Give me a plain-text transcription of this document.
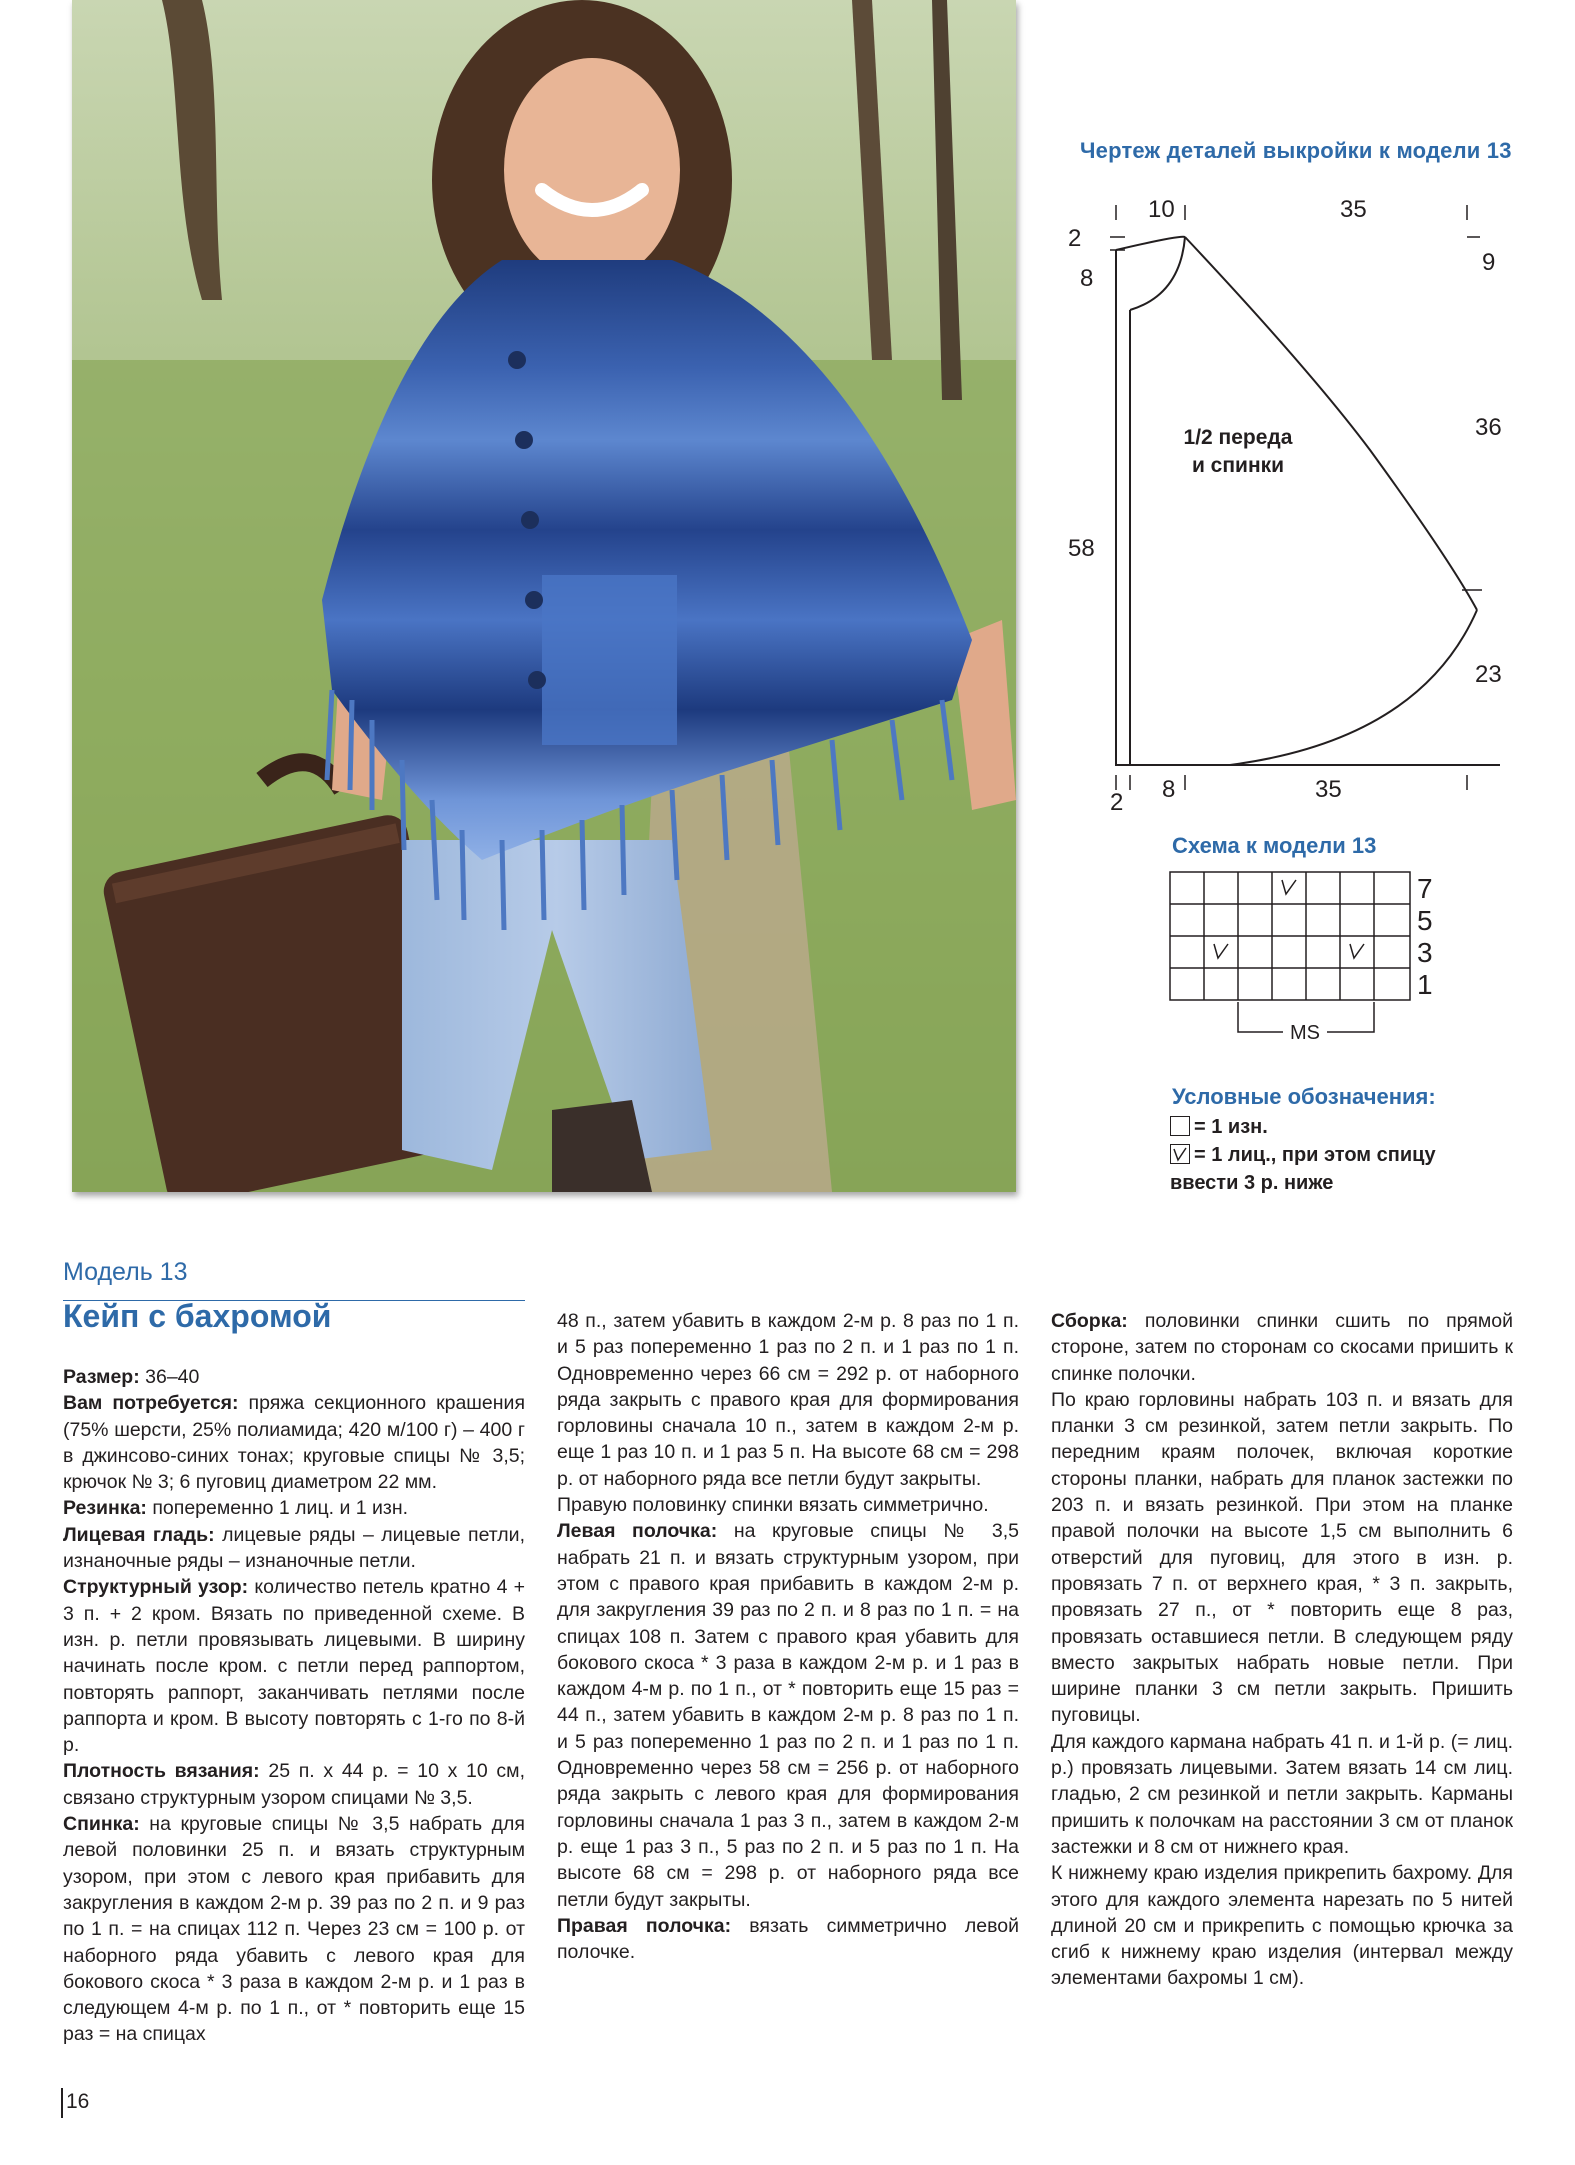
Чертеж деталей выкройки к модели 13
10	35
2
8
58
9
36
23
2 8	35
1/2 переда
и спинки
Схема к модели 13
7
5
3
1
MS
Условные обозначения:
= 1 изн.
= 1 лиц., при этом спицу
ввести 3 р. ниже
Модель 13
Кейп с бахромой

Размер: 36–40

Вам потребуется: пряжа секционного крашения (75% шерсти, 25% полиамида; 420 м/100 г) – 400 г в джинсово-синих тонах; круговые спицы № 3,5; крючок № 3; 6 пуговиц диаметром 22 мм.

Резинка: попеременно 1 лиц. и 1 изн.

Лицевая гладь: лицевые ряды – лицевые петли, изнаночные ряды – изнаночные петли.

Структурный узор: количество петель кратно 4 + 3 п. + 2 кром. Вязать по приведенной схеме. В изн. р. петли провязывать лицевыми. В ширину начинать после кром. с петли перед раппортом, повторять раппорт, заканчивать петлями после раппорта и кром. В высоту повторять с 1-го по 8-й р.

Плотность вязания: 25 п. х 44 р. = 10 х 10 см, связано структурным узором спицами № 3,5.

Спинка: на круговые спицы № 3,5 набрать для левой половинки 25 п. и вязать структурным узором, при этом с левого края прибавить для закругления в каждом 2-м р. 39 раз по 2 п. и 9 раз по 1 п. = на спицах 112 п. Через 23 см = 100 р. от наборного ряда убавить с левого края для бокового скоса * 3 раза в каждом 2-м р. и 1 раз в следующем 4-м р. по 1 п., от * повторить еще 15 раз = на спицах

48 п., затем убавить в каждом 2-м р. 8 раз по 1 п. и 5 раз попеременно 1 раз по 2 п. и 1 раз по 1 п. Одновременно через 66 см = 292 р. от наборного ряда закрыть с правого края для формирования горловины сначала 10 п., затем в каждом 2-м р. еще 1 раз 10 п. и 1 раз 5 п. На высоте 68 см = 298 р. от наборного ряда все петли будут закрыты.

Правую половинку спинки вязать симметрично.

Левая полочка: на круговые спицы № 3,5 набрать 21 п. и вязать структурным узором, при этом с правого края прибавить в каждом 2-м р. для закругления 39 раз по 2 п. и 8 раз по 1 п. = на спицах 108 п. Затем с правого края убавить для бокового скоса * 3 раза в каждом 2-м р. и 1 раз в каждом 4-м р. по 1 п., от * повторить еще 15 раз = 44 п., затем убавить в каждом 2-м р. 8 раз по 1 п. и 5 раз попеременно 1 раз по 2 п. и 1 раз по 1 п. Одновременно через 58 см = 256 р. от наборного ряда закрыть с левого края для формирования горловины сначала 1 раз 3 п., затем в каждом 2-м р. еще 1 раз 3 п., 5 раз по 2 п. и 5 раз по 1 п. На высоте 68 см = 298 р. от наборного ряда все петли будут закрыты.

Правая полочка: вязать симметрично левой полочке.

Сборка: половинки спинки сшить по прямой стороне, затем по сторонам со скосами пришить к спинке полочки.

По краю горловины набрать 103 п. и вязать для планки 3 см резинкой, затем петли закрыть. По передним краям полочек, включая короткие стороны планки, набрать для планок застежки по 203 п. и вязать резинкой. При этом на планке правой полочки на высоте 1,5 см выполнить 6 отверстий для пуговиц, для этого в изн. р. провязать 7 п. от верхнего края, * 3 п. закрыть, провязать 27 п., от * повторить еще 8 раз, провязать оставшиеся петли. В следующем ряду вместо закрытых набрать новые петли. При ширине планки 3 см петли закрыть. Пришить пуговицы.

Для каждого кармана набрать 41 п. и 1-й р. (= лиц. р.) провязать лицевыми. Затем вязать 14 см лиц. гладью, 2 см резинкой и петли закрыть. Карманы пришить к полочкам на расстоянии 3 см от планок застежки и 8 см от нижнего края.

К нижнему краю изделия прикрепить бахрому. Для этого для каждого элемента нарезать по 5 нитей длиной 20 см и прикрепить с помощью крючка за сгиб к нижнему краю изделия (интервал между элементами бахромы 1 см).

16
